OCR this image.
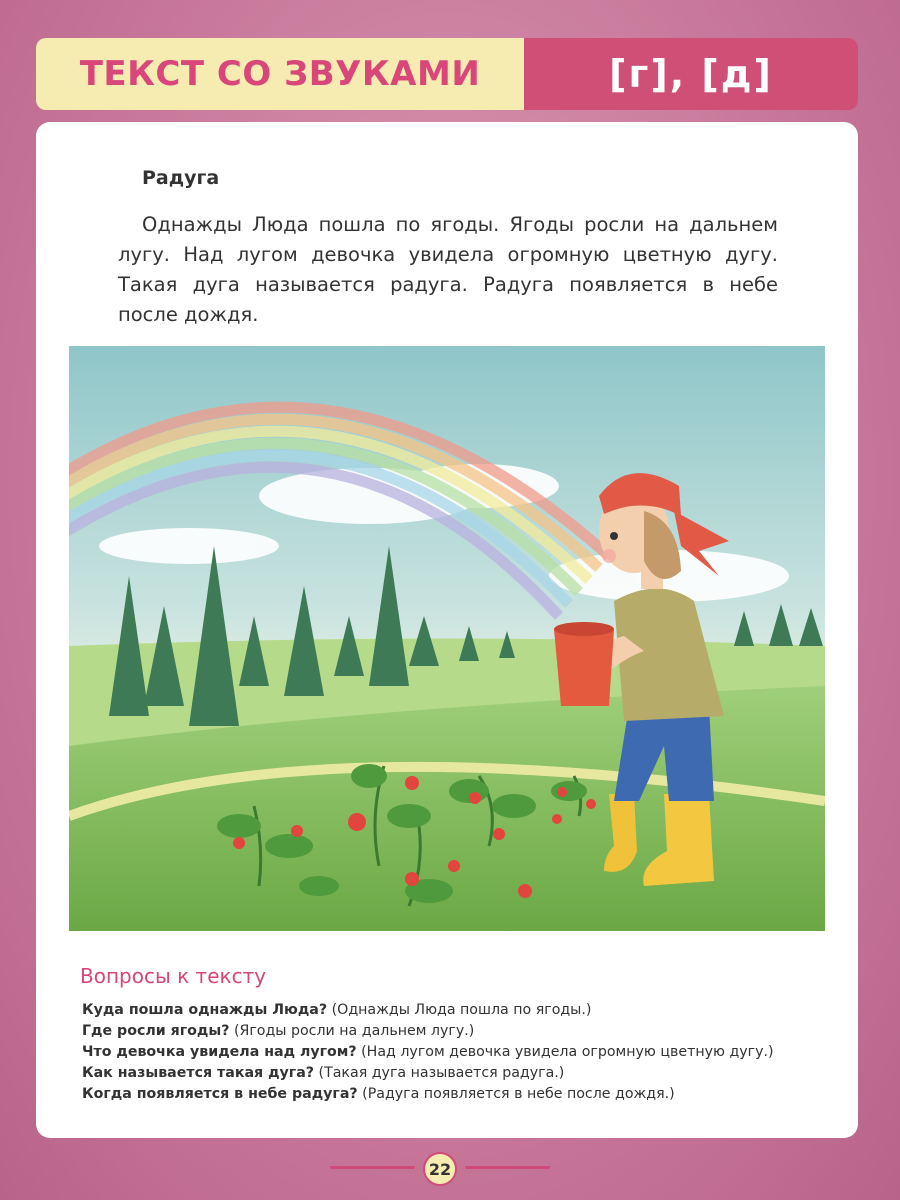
ТЕКСТ СО ЗВУКАМИ	[г], [д]
Радуга

Однажды Люда пошла по ягоды. Ягоды росли на дальнем лугу. Над лугом девочка увидела огромную цветную дугу. Такая дуга называется радуга. Радуга появляется в небе после дождя.

Вопросы к тексту
Куда пошла однажды Люда? (Однажды Люда пошла по ягоды.)
Где росли ягоды? (Ягоды росли на дальнем лугу.)
Что девочка увидела над лугом? (Над лугом девочка увидела огромную цветную дугу.)
Как называется такая дуга? (Такая дуга называется радуга.)
Когда появляется в небе радуга? (Радуга появляется в небе после дождя.)
22
